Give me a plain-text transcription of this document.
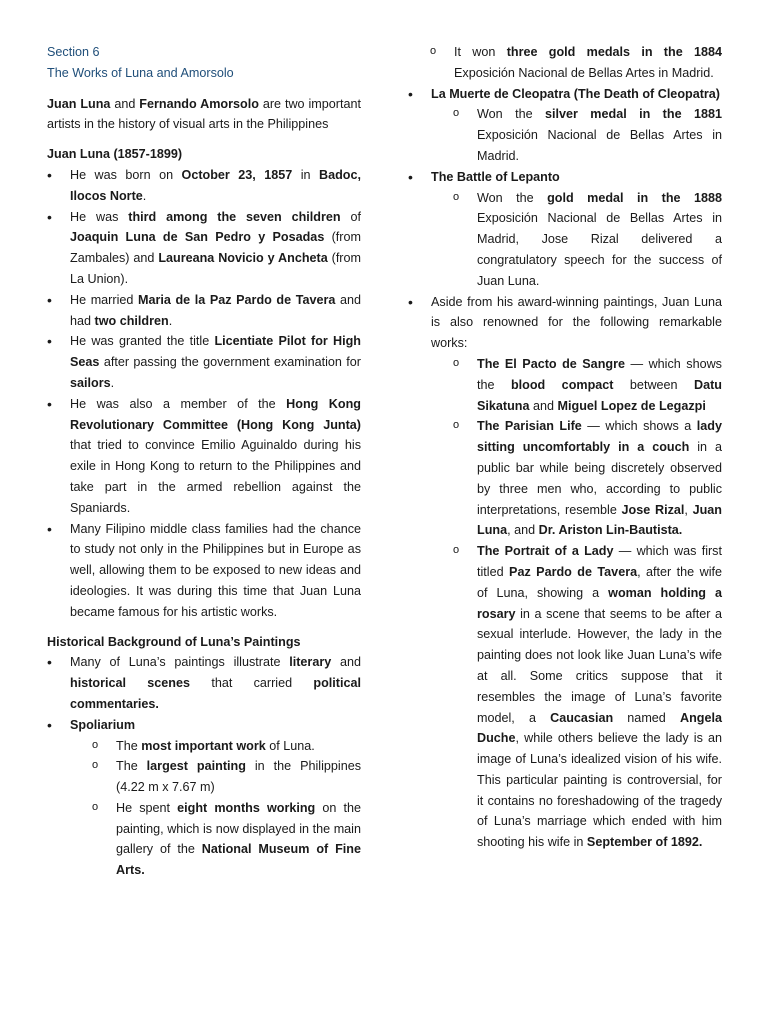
Section 6

The Works of Luna and Amorsolo

Juan Luna and Fernando Amorsolo are two important artists in the history of visual arts in the Philippines

Juan Luna (1857-1899)

• He was born on October 23, 1857 in Badoc, Ilocos Norte.
• He was third among the seven children of Joaquin Luna de San Pedro y Posadas (from Zambales) and Laureana Novicio y Ancheta (from La Union).
• He married Maria de la Paz Pardo de Tavera and had two children.
• He was granted the title Licentiate Pilot for High Seas after passing the government examination for sailors.
• He was also a member of the Hong Kong Revolutionary Committee (Hong Kong Junta) that tried to convince Emilio Aguinaldo during his exile in Hong Kong to return to the Philippines and take part in the armed rebellion against the Spaniards.
• Many Filipino middle class families had the chance to study not only in the Philippines but in Europe as well, allowing them to be exposed to new ideas and ideologies. It was during this time that Juan Luna became famous for his artistic works.

Historical Background of Luna’s Paintings

• Many of Luna’s paintings illustrate literary and historical scenes that carried political commentaries.
• Spoliarium
o The most important work of Luna.
o The largest painting in the Philippines (4.22 m x 7.67 m)
o He spent eight months working on the painting, which is now displayed in the main gallery of the National Museum of Fine Arts.
o It won three gold medals in the 1884 Exposición Nacional de Bellas Artes in Madrid.
• La Muerte de Cleopatra (The Death of Cleopatra)
o Won the silver medal in the 1881 Exposición Nacional de Bellas Artes in Madrid.
• The Battle of Lepanto
o Won the gold medal in the 1888 Exposición Nacional de Bellas Artes in Madrid, Jose Rizal delivered a congratulatory speech for the success of Juan Luna.
• Aside from his award-winning paintings, Juan Luna is also renowned for the following remarkable works:
o The El Pacto de Sangre — which shows the blood compact between Datu Sikatuna and Miguel Lopez de Legazpi
o The Parisian Life — which shows a lady sitting uncomfortably in a couch in a public bar while being discretely observed by three men who, according to public interpretations, resemble Jose Rizal, Juan Luna, and Dr. Ariston Lin-Bautista.
o The Portrait of a Lady — which was first titled Paz Pardo de Tavera, after the wife of Luna, showing a woman holding a rosary in a scene that seems to be after a sexual interlude. However, the lady in the painting does not look like Juan Luna’s wife at all. Some critics suppose that it resembles the image of Luna’s favorite model, a Caucasian named Angela Duche, while others believe the lady is an image of Luna’s idealized vision of his wife. This particular painting is controversial, for it contains no foreshadowing of the tragedy of Luna’s marriage which ended with him shooting his wife in September of 1892.
